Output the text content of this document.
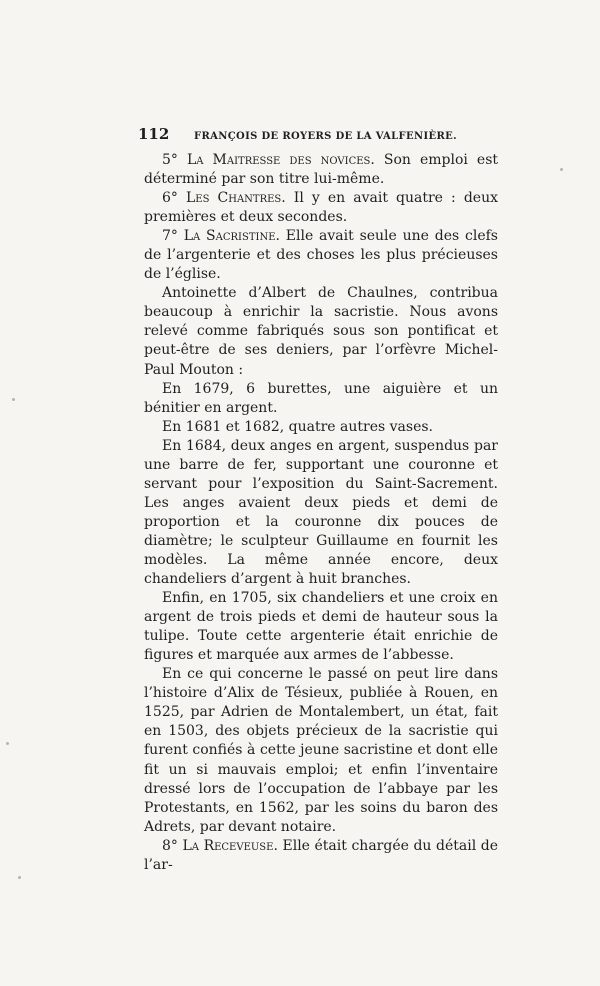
112 FRANÇOIS DE ROYERS DE LA VALFENIÈRE.

5° La Maitresse des novices. Son emploi est déterminé par son titre lui-même.

6° Les Chantres. Il y en avait quatre : deux premières et deux secondes.

7° La Sacristine. Elle avait seule une des clefs de l’argenterie et des choses les plus précieuses de l’église.

Antoinette d’Albert de Chaulnes, contribua beaucoup à enrichir la sacristie. Nous avons relevé comme fabriqués sous son pontificat et peut-être de ses deniers, par l’orfèvre Michel-Paul Mouton :

En 1679, 6 burettes, une aiguière et un bénitier en argent.

En 1681 et 1682, quatre autres vases.

En 1684, deux anges en argent, suspendus par une barre de fer, supportant une couronne et servant pour l’exposition du Saint-Sacrement. Les anges avaient deux pieds et demi de proportion et la couronne dix pouces de diamètre; le sculpteur Guillaume en fournit les modèles. La même année encore, deux chandeliers d’argent à huit branches.

Enfin, en 1705, six chandeliers et une croix en argent de trois pieds et demi de hauteur sous la tulipe. Toute cette argenterie était enrichie de figures et marquée aux armes de l’abbesse.

En ce qui concerne le passé on peut lire dans l’histoire d’Alix de Tésieux, publiée à Rouen, en 1525, par Adrien de Montalembert, un état, fait en 1503, des objets précieux de la sacristie qui furent confiés à cette jeune sacristine et dont elle fit un si mauvais emploi; et enfin l’inventaire dressé lors de l’occupation de l’abbaye par les Protestants, en 1562, par les soins du baron des Adrets, par devant notaire.

8° La Receveuse. Elle était chargée du détail de l’ar-
